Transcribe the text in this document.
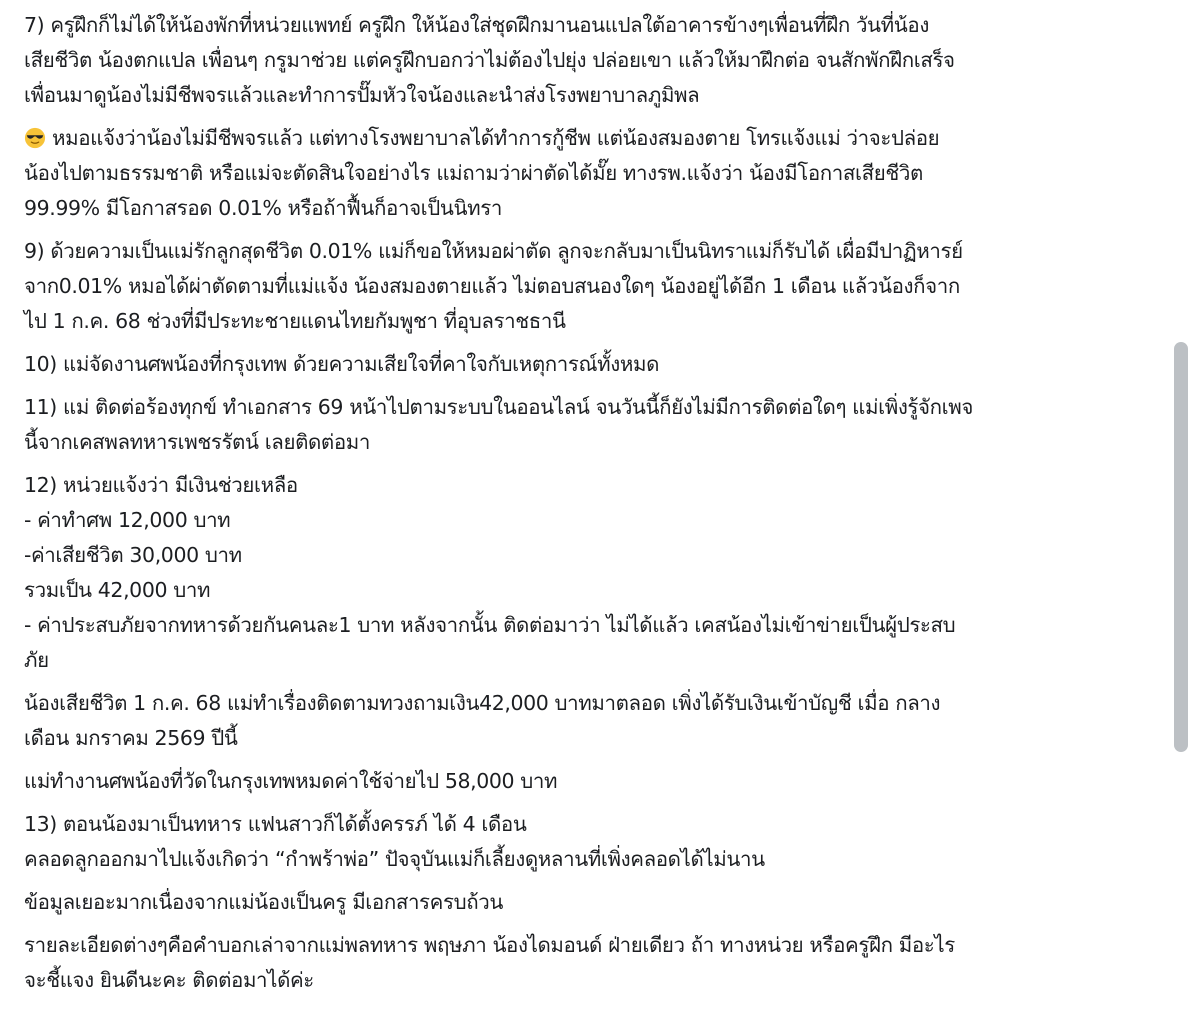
7) ครูฝึกก็ไม่ได้ให้น้องพักที่หน่วยแพทย์ ครูฝึก ให้น้องใส่ชุดฝึกมานอนแปลใต้อาคารข้างๆเพื่อนที่ฝึก วันที่น้อง
เสียชีวิต น้องตกแปล เพื่อนๆ กรูมาช่วย แต่ครูฝึกบอกว่าไม่ต้องไปยุ่ง ปล่อยเขา แล้วให้มาฝึกต่อ จนสักพักฝึกเสร็จ
เพื่อนมาดูน้องไม่มีชีพจรแล้วและทำการปั๊มหัวใจน้องและนำส่งโรงพยาบาลภูมิพล
หมอแจ้งว่าน้องไม่มีชีพจรแล้ว แต่ทางโรงพยาบาลได้ทำการกู้ชีพ แต่น้องสมองตาย โทรแจ้งแม่ ว่าจะปล่อย
น้องไปตามธรรมชาติ หรือแม่จะตัดสินใจอย่างไร แม่ถามว่าผ่าตัดได้มั๊ย ทางรพ.แจ้งว่า น้องมีโอกาสเสียชีวิต
99.99% มีโอกาสรอด 0.01% หรือถ้าฟื้นก็อาจเป็นนิทรา
9) ด้วยความเป็นแม่รักลูกสุดชีวิต 0.01% แม่ก็ขอให้หมอผ่าตัด ลูกจะกลับมาเป็นนิทราแม่ก็รับได้ เผื่อมีปาฏิหารย์
จาก0.01% หมอได้ผ่าตัดตามที่แม่แจ้ง น้องสมองตายแล้ว ไม่ตอบสนองใดๆ น้องอยู่ได้อีก 1 เดือน แล้วน้องก็จาก
ไป 1 ก.ค. 68 ช่วงที่มีประทะชายแดนไทยกัมพูชา ที่อุบลราชธานี
10) แม่จัดงานศพน้องที่กรุงเทพ ด้วยความเสียใจที่คาใจกับเหตุการณ์ทั้งหมด
11) แม่ ติดต่อร้องทุกข์ ทำเอกสาร 69 หน้าไปตามระบบในออนไลน์ จนวันนี้ก็ยังไม่มีการติดต่อใดๆ แม่เพิ่งรู้จักเพจ
นี้จากเคสพลทหารเพชรรัตน์ เลยติดต่อมา
12) หน่วยแจ้งว่า มีเงินช่วยเหลือ
- ค่าทำศพ 12,000 บาท
-ค่าเสียชีวิต 30,000 บาท
รวมเป็น 42,000 บาท
- ค่าประสบภัยจากทหารด้วยกันคนละ1 บาท หลังจากนั้น ติดต่อมาว่า ไม่ได้แล้ว เคสน้องไม่เข้าข่ายเป็นผู้ประสบ
ภัย
น้องเสียชีวิต 1 ก.ค. 68 แม่ทำเรื่องติดตามทวงถามเงิน42,000 บาทมาตลอด เพิ่งได้รับเงินเข้าบัญชี เมื่อ กลาง
เดือน มกราคม 2569 ปีนี้
แม่ทำงานศพน้องที่วัดในกรุงเทพหมดค่าใช้จ่ายไป 58,000 บาท
13) ตอนน้องมาเป็นทหาร แฟนสาวก็ได้ตั้งครรภ์ ได้ 4 เดือน
คลอดลูกออกมาไปแจ้งเกิดว่า “กำพร้าพ่อ” ปัจจุบันแม่ก็เลี้ยงดูหลานที่เพิ่งคลอดได้ไม่นาน
ข้อมูลเยอะมากเนื่องจากแม่น้องเป็นครู มีเอกสารครบถ้วน
รายละเอียดต่างๆคือคำบอกเล่าจากแม่พลทหาร พฤษภา น้องไดมอนด์ ฝ่ายเดียว ถ้า ทางหน่วย หรือครูฝึก มีอะไร
จะชี้แจง ยินดีนะคะ ติดต่อมาได้ค่ะ
